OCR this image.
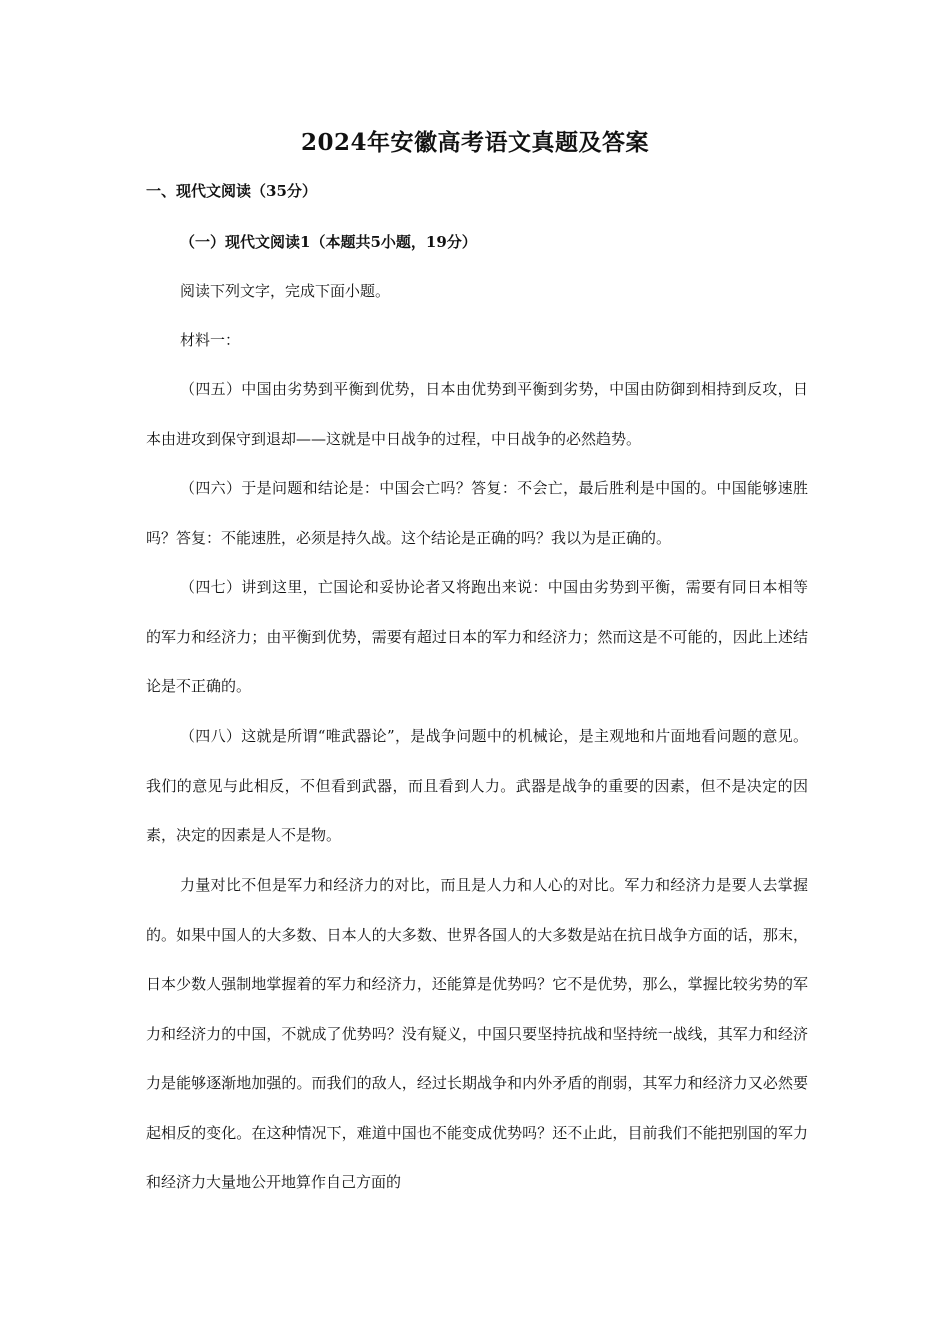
2024年安徽高考语文真题及答案
一、现代文阅读（35分）
（一）现代文阅读1（本题共5小题，19分）
阅读下列文字，完成下面小题。
材料一：

（四五）中国由劣势到平衡到优势，日本由优势到平衡到劣势，中国由防御到相持到反攻，日本由进攻到保守到退却——这就是中日战争的过程，中日战争的必然趋势。

（四六）于是问题和结论是：中国会亡吗？答复：不会亡，最后胜利是中国的。中国能够速胜吗？答复：不能速胜，必须是持久战。这个结论是正确的吗？我以为是正确的。

（四七）讲到这里，亡国论和妥协论者又将跑出来说：中国由劣势到平衡，需要有同日本相等的军力和经济力；由平衡到优势，需要有超过日本的军力和经济力；然而这是不可能的，因此上述结论是不正确的。

（四八）这就是所谓“唯武器论”，是战争问题中的机械论，是主观地和片面地看问题的意见。我们的意见与此相反，不但看到武器，而且看到人力。武器是战争的重要的因素，但不是决定的因素，决定的因素是人不是物。

力量对比不但是军力和经济力的对比，而且是人力和人心的对比。军力和经济力是要人去掌握的。如果中国人的大多数、日本人的大多数、世界各国人的大多数是站在抗日战争方面的话，那末，日本少数人强制地掌握着的军力和经济力，还能算是优势吗？它不是优势，那么，掌握比较劣势的军力和经济力的中国，不就成了优势吗？没有疑义，中国只要坚持抗战和坚持统一战线，其军力和经济力是能够逐渐地加强的。而我们的敌人，经过长期战争和内外矛盾的削弱，其军力和经济力又必然要起相反的变化。在这种情况下，难道中国也不能变成优势吗？还不止此，目前我们不能把别国的军力和经济力大量地公开地算作自己方面的
